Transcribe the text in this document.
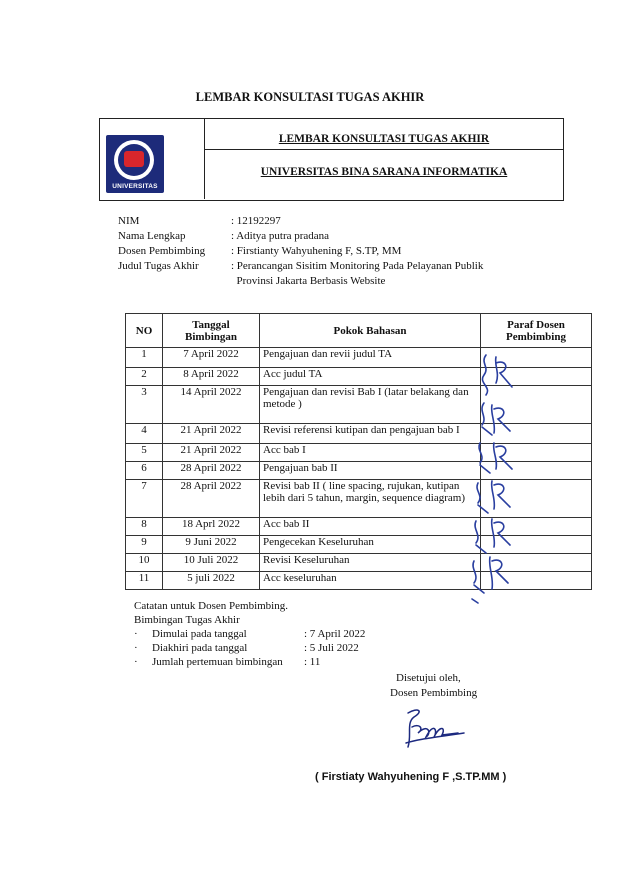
LEMBAR KONSULTASI TUGAS AKHIR
UNIVERSITAS
LEMBAR KONSULTASI TUGAS AKHIR
UNIVERSITAS BINA SARANA INFORMATIKA
NIM	: 12192297
Nama Lengkap	: Aditya putra pradana
Dosen Pembimbing	: Firstianty Wahyuhening F, S.TP, MM
Judul Tugas Akhir	: Perancangan Sisitim Monitoring Pada Pelayanan Publik
Provinsi Jakarta Berbasis Website
NO	Tanggal Bimbingan	Pokok Bahasan	Paraf Dosen Pembimbing
1	7 April 2022	Pengajuan dan revii judul TA	
2	8 April 2022	Acc judul TA	
3	14 April 2022	Pengajuan dan revisi Bab I (latar belakang dan metode )	
4	21 April 2022	Revisi referensi kutipan dan pengajuan bab I	
5	21 April 2022	Acc bab I	
6	28 April 2022	Pengajuan bab II	
7	28 April 2022	Revisi bab II ( line spacing, rujukan, kutipan lebih dari 5 tahun, margin, sequence diagram)	
8	18 Aprl 2022	Acc bab II	
9	9 Juni 2022	Pengecekan Keseluruhan	
10	10 Juli 2022	Revisi Keseluruhan	
11	5 juli 2022	Acc keseluruhan	
Catatan untuk Dosen Pembimbing.
Bimbingan Tugas Akhir
·	Dimulai pada tanggal	: 7 April 2022
·	Diakhiri pada tanggal	: 5 Juli 2022
·	Jumlah pertemuan bimbingan	: 11
Disetujui oleh,
Dosen Pembimbing
( Firstiaty Wahyuhening F ,S.TP.MM )
